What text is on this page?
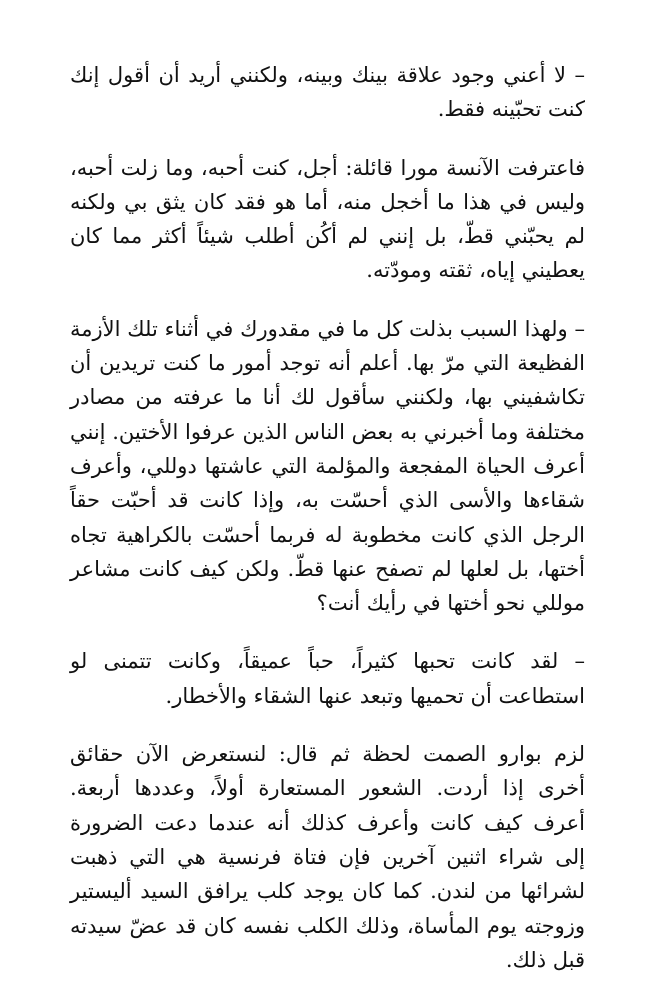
– لا أعني وجود علاقة بينك وبينه، ولكنني أريد أن أقول إنك كنت تحبّينه فقط.

فاعترفت الآنسة مورا قائلة: أجل، كنت أحبه، وما زلت أحبه، وليس في هذا ما أخجل منه، أما هو فقد كان يثق بي ولكنه لم يحبّني قطّ، بل إنني لم أكُن أطلب شيئاً أكثر مما كان يعطيني إياه، ثقته ومودّته.

– ولهذا السبب بذلت كل ما في مقدورك في أثناء تلك الأزمة الفظيعة التي مرّ بها. أعلم أنه توجد أمور ما كنت تريدين أن تكاشفيني بها، ولكنني سأقول لك أنا ما عرفته من مصادر مختلفة وما أخبرني به بعض الناس الذين عرفوا الأختين. إنني أعرف الحياة المفجعة والمؤلمة التي عاشتها دوللي، وأعرف شقاءها والأسى الذي أحسّت به، وإذا كانت قد أحبّت حقاً الرجل الذي كانت مخطوبة له فربما أحسّت بالكراهية تجاه أختها، بل لعلها لم تصفح عنها قطّ. ولكن كيف كانت مشاعر موللي نحو أختها في رأيك أنت؟

– لقد كانت تحبها كثيراً، حباً عميقاً، وكانت تتمنى لو استطاعت أن تحميها وتبعد عنها الشقاء والأخطار.

لزم بوارو الصمت لحظة ثم قال: لنستعرض الآن حقائق أخرى إذا أردت. الشعور المستعارة أولاً، وعددها أربعة. أعرف كيف كانت وأعرف كذلك أنه عندما دعت الضرورة إلى شراء اثنين آخرين فإن فتاة فرنسية هي التي ذهبت لشرائها من لندن. كما كان يوجد كلب يرافق السيد أليستير وزوجته يوم المأساة، وذلك الكلب نفسه كان قد عضّ سيدته قبل ذلك.
